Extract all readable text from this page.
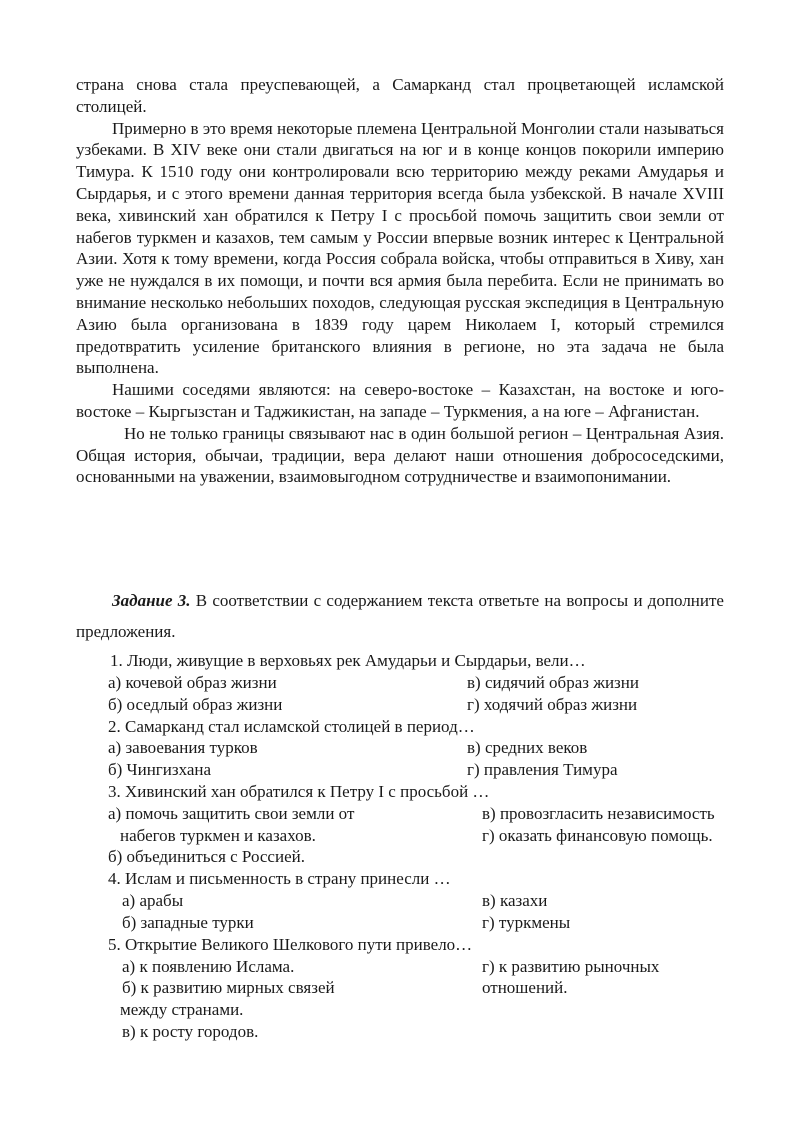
страна снова стала преуспевающей, а Самарканд стал процветающей исламской столицей.

Примерно в это время некоторые племена Центральной Монголии стали называться узбеками. В XIV веке они стали двигаться на юг и в конце концов покорили империю Тимура. К 1510 году они контролировали всю территорию между реками Амударья и Сырдарья, и с этого времени данная территория всегда была узбекской. В начале XVIII века, хивинский хан обратился к Петру I с просьбой помочь защитить свои земли от набегов туркмен и казахов, тем самым у России впервые возник интерес к Центральной Азии. Хотя к тому времени, когда Россия собрала войска, чтобы отправиться в Хиву, хан уже не нуждался в их помощи, и почти вся армия была перебита. Если не принимать во внимание несколько небольших походов, следующая русская экспедиция в Центральную Азию была организована в 1839 году царем Николаем I, который стремился предотвратить усиление британского влияния в регионе, но эта задача не была выполнена.

Нашими соседями являются: на северо-востоке – Казахстан, на востоке и юго-востоке – Кыргызстан и Таджикистан, на западе – Туркмения, а на юге – Афганистан.

Но не только границы связывают нас в один большой регион – Центральная Азия. Общая история, обычаи, традиции, вера делают наши отношения добрососедскими, основанными на уважении, взаимовыгодном сотрудничестве и взаимопонимании.

Задание 3. В соответствии с содержанием текста ответьте на вопросы и дополните предложения.

1. Люди, живущие в верховьях рек Амударьи и Сырдарьи, вели…
а) кочевой образ жизни	в) сидячий образ жизни
б) оседлый образ жизни	г) ходячий образ жизни
2. Самарканд стал исламской столицей в период…
а) завоевания турков	в) средних веков
б) Чингизхана	г) правления Тимура
3. Хивинский хан обратился к Петру I с просьбой …
а) помочь защитить свои земли от	в) провозгласить независимость
набегов туркмен и казахов.	г) оказать финансовую помощь.
б) объединиться с Россией.
4. Ислам и письменность в страну принесли …
а) арабы	в) казахи
б) западные турки	г) туркмены
5. Открытие Великого Шелкового пути привело…
а) к появлению Ислама.	г) к развитию рыночных
б) к развитию мирных связей	отношений.
между странами.
в) к росту городов.
